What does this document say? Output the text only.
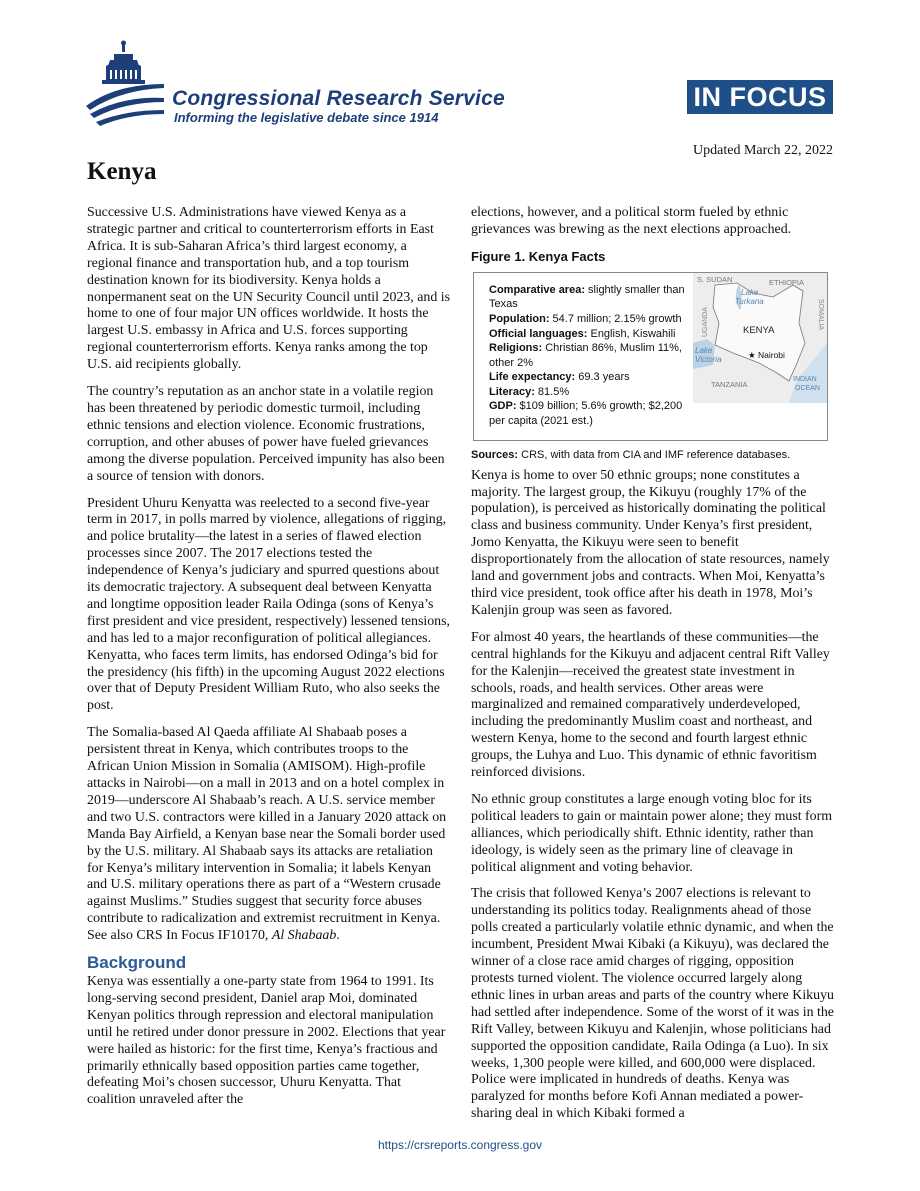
Congressional Research Service
Informing the legislative debate since 1914
IN FOCUS
Updated March 22, 2022
Kenya

Successive U.S. Administrations have viewed Kenya as a strategic partner and critical to counterterrorism efforts in East Africa. It is sub-Saharan Africa’s third largest economy, a regional finance and transportation hub, and a top tourism destination known for its biodiversity. Kenya holds a nonpermanent seat on the UN Security Council until 2023, and is home to one of four major UN offices worldwide. It hosts the largest U.S. embassy in Africa and U.S. forces supporting regional counterterrorism efforts. Kenya ranks among the top U.S. aid recipients globally.

The country’s reputation as an anchor state in a volatile region has been threatened by periodic domestic turmoil, including ethnic tensions and election violence. Economic frustrations, corruption, and other abuses of power have fueled grievances among the diverse population. Perceived impunity has also been a source of tension with donors.

President Uhuru Kenyatta was reelected to a second five-year term in 2017, in polls marred by violence, allegations of rigging, and police brutality—the latest in a series of flawed election processes since 2007. The 2017 elections tested the independence of Kenya’s judiciary and spurred questions about its democratic trajectory. A subsequent deal between Kenyatta and longtime opposition leader Raila Odinga (sons of Kenya’s first president and vice president, respectively) lessened tensions, and has led to a major reconfiguration of political allegiances. Kenyatta, who faces term limits, has endorsed Odinga’s bid for the presidency (his fifth) in the upcoming August 2022 elections over that of Deputy President William Ruto, who also seeks the post.

The Somalia-based Al Qaeda affiliate Al Shabaab poses a persistent threat in Kenya, which contributes troops to the African Union Mission in Somalia (AMISOM). High-profile attacks in Nairobi—on a mall in 2013 and on a hotel complex in 2019—underscore Al Shabaab’s reach. A U.S. service member and two U.S. contractors were killed in a January 2020 attack on Manda Bay Airfield, a Kenyan base near the Somali border used by the U.S. military. Al Shabaab says its attacks are retaliation for Kenya’s military intervention in Somalia; it labels Kenyan and U.S. military operations there as part of a “Western crusade against Muslims.” Studies suggest that security force abuses contribute to radicalization and extremist recruitment in Kenya. See also CRS In Focus IF10170, Al Shabaab.

Background

Kenya was essentially a one-party state from 1964 to 1991. Its long-serving second president, Daniel arap Moi, dominated Kenyan politics through repression and electoral manipulation until he retired under donor pressure in 2002. Elections that year were hailed as historic: for the first time, Kenya’s fractious and primarily ethnically based opposition parties came together, defeating Moi’s chosen successor, Uhuru Kenyatta. That coalition unraveled after the

elections, however, and a political storm fueled by ethnic grievances was brewing as the next elections approached.

Figure 1. Kenya Facts
Comparative area: slightly smaller than Texas
Population: 54.7 million; 2.15% growth
Official languages: English, Kiswahili
Religions: Christian 86%, Muslim 11%, other 2%
Life expectancy: 69.3 years
Literacy: 81.5%
GDP: $109 billion; 5.6% growth; $2,200 per capita (2021 est.)
S. SUDAN	ETHIOPIA
TANZANIA
Lake
Turkana
Lake
Victoria
INDIAN
OCEAN
UGANDA	SOMALIA
KENYA
★ Nairobi
Sources: CRS, with data from CIA and IMF reference databases.

Kenya is home to over 50 ethnic groups; none constitutes a majority. The largest group, the Kikuyu (roughly 17% of the population), is perceived as historically dominating the political class and business community. Under Kenya’s first president, Jomo Kenyatta, the Kikuyu were seen to benefit disproportionately from the allocation of state resources, namely land and government jobs and contracts. When Moi, Kenyatta’s third vice president, took office after his death in 1978, Moi’s Kalenjin group was seen as favored.

For almost 40 years, the heartlands of these communities—the central highlands for the Kikuyu and adjacent central Rift Valley for the Kalenjin—received the greatest state investment in schools, roads, and health services. Other areas were marginalized and remained comparatively underdeveloped, including the predominantly Muslim coast and northeast, and western Kenya, home to the second and fourth largest ethnic groups, the Luhya and Luo. This dynamic of ethnic favoritism reinforced divisions.

No ethnic group constitutes a large enough voting bloc for its political leaders to gain or maintain power alone; they must form alliances, which periodically shift. Ethnic identity, rather than ideology, is widely seen as the primary line of cleavage in political alignment and voting behavior.

The crisis that followed Kenya’s 2007 elections is relevant to understanding its politics today. Realignments ahead of those polls created a particularly volatile ethnic dynamic, and when the incumbent, President Mwai Kibaki (a Kikuyu), was declared the winner of a close race amid charges of rigging, opposition protests turned violent. The violence occurred largely along ethnic lines in urban areas and parts of the country where Kikuyu had settled after independence. Some of the worst of it was in the Rift Valley, between Kikuyu and Kalenjin, whose politicians had supported the opposition candidate, Raila Odinga (a Luo). In six weeks, 1,300 people were killed, and 600,000 were displaced. Police were implicated in hundreds of deaths. Kenya was paralyzed for months before Kofi Annan mediated a power-sharing deal in which Kibaki formed a

https://crsreports.congress.gov
